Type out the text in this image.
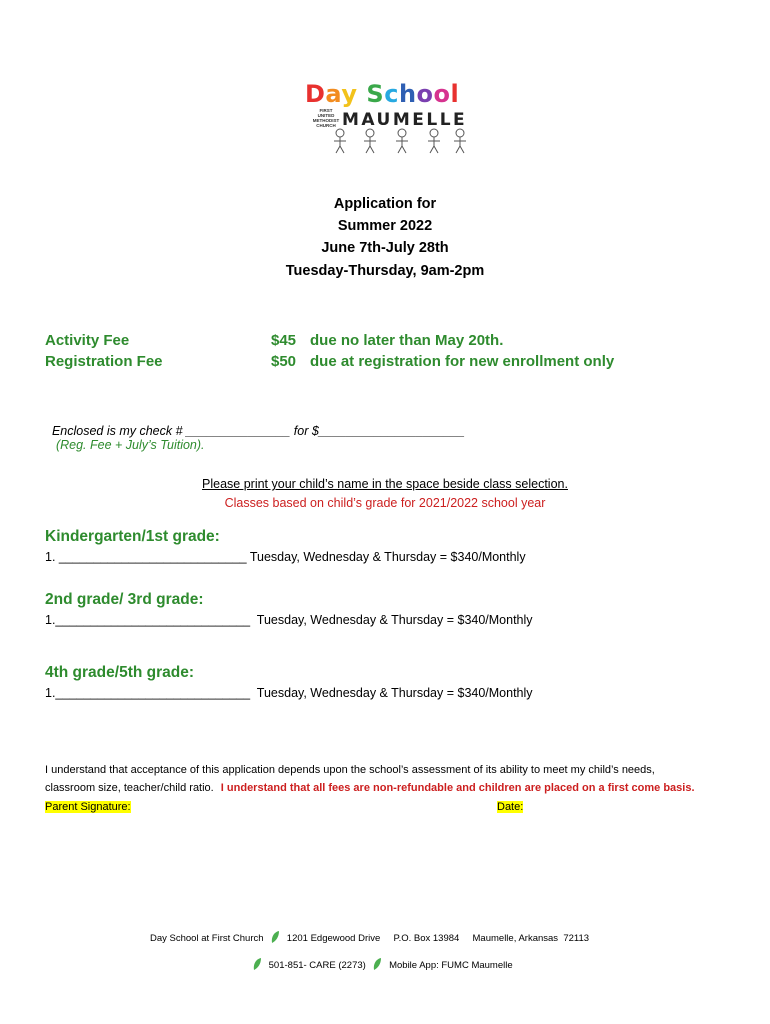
Day School
FIRST
UNITED
METHODIST
CHURCH MAUMELLE
Application for
Summer 2022
June 7th-July 28th
Tuesday-Thursday, 9am-2pm
Activity Fee	$45 due no later than May 20th.
Registration Fee	$50 due at registration for new enrollment only

Enclosed is my check # _______________ for $_____________________
(Reg. Fee + July’s Tuition).

Please print your child’s name in the space beside class selection.
Classes based on child’s grade for 2021/2022 school year
Kindergarten/1st grade:
1. ___________________________ Tuesday, Wednesday & Thursday = $340/Monthly
2nd grade/ 3rd grade:
1.____________________________  Tuesday, Wednesday & Thursday = $340/Monthly
4th grade/5th grade:
1.____________________________  Tuesday, Wednesday & Thursday = $340/Monthly
I understand that acceptance of this application depends upon the school’s assessment of its ability to meet my child’s needs,
classroom size, teacher/child ratio. I understand that all fees are non-refundable and children are placed on a first come basis.
Parent Signature:	Date:
Day School at First Church 1201 Edgewood Drive     P.O. Box 13984     Maumelle, Arkansas  72113
501-851- CARE (2273) Mobile App: FUMC Maumelle
